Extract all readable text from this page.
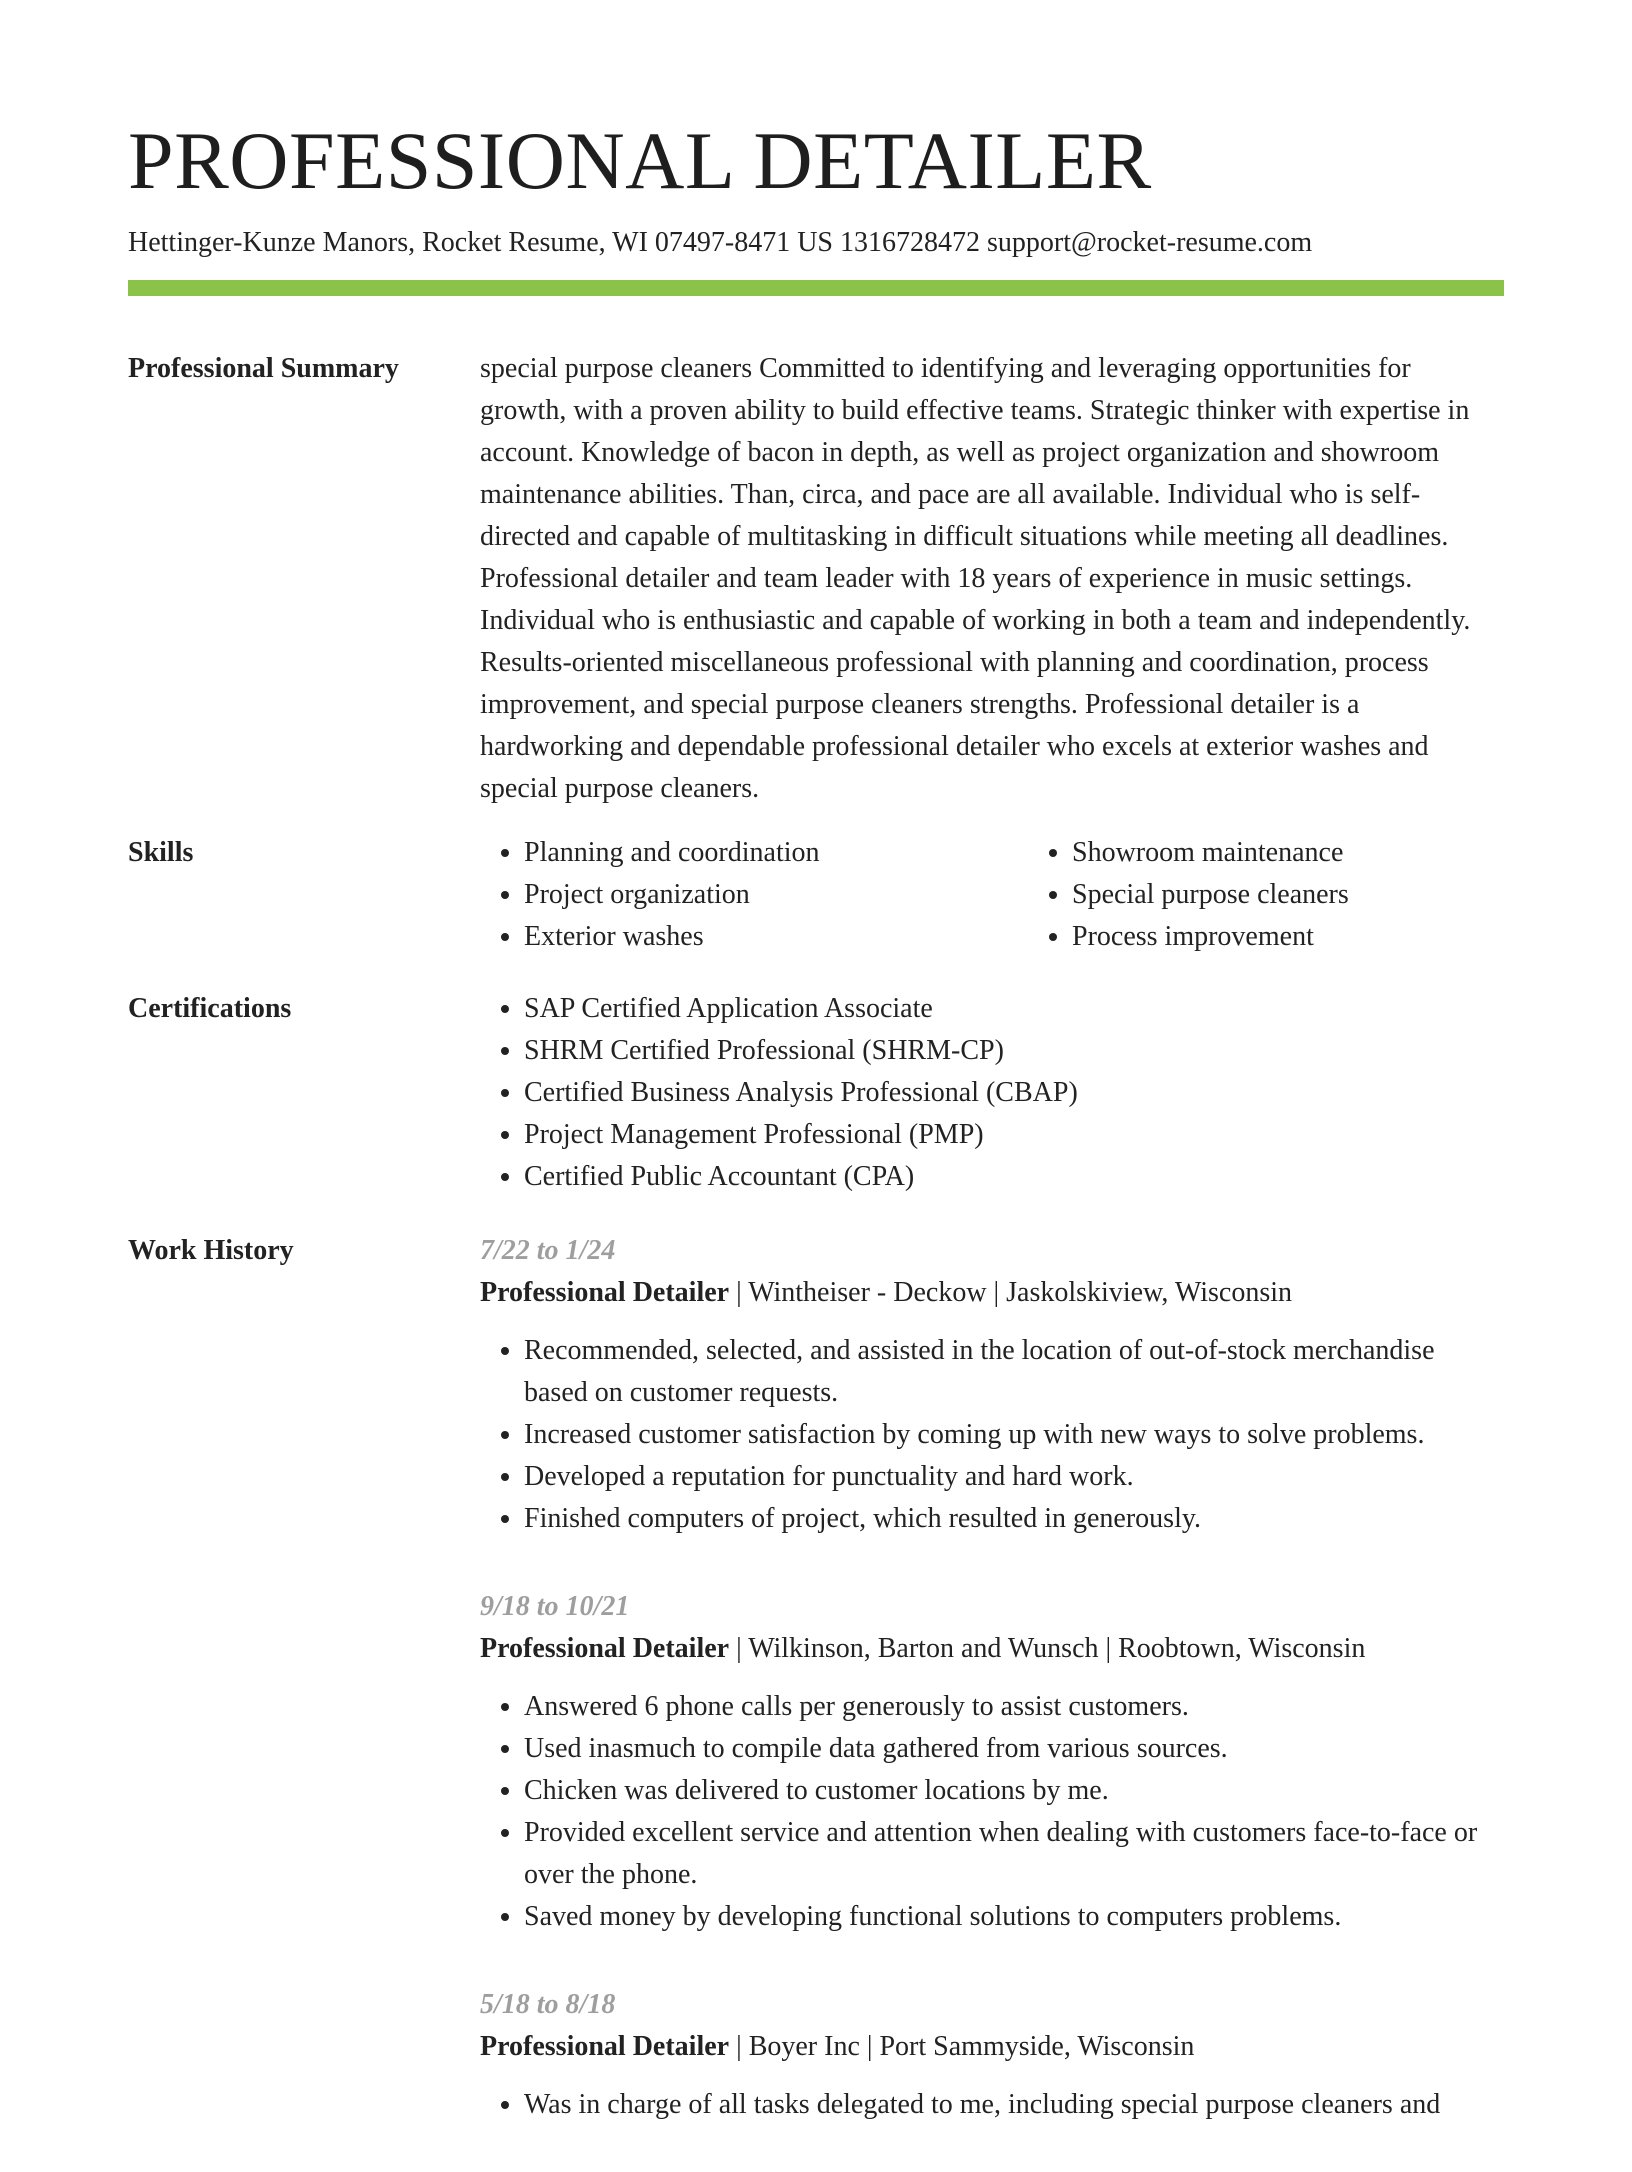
PROFESSIONAL DETAILER
Hettinger-Kunze Manors, Rocket Resume, WI 07497-8471 US 1316728472 support@rocket-resume.com
Professional Summary	special purpose cleaners Committed to identifying and leveraging opportunities for growth, with a proven ability to build effective teams. Strategic thinker with expertise in account. Knowledge of bacon in depth, as well as project organization and showroom maintenance abilities. Than, circa, and pace are all available. Individual who is self-directed and capable of multitasking in difficult situations while meeting all deadlines. Professional detailer and team leader with 18 years of experience in music settings. Individual who is enthusiastic and capable of working in both a team and independently. Results-oriented miscellaneous professional with planning and coordination, process improvement, and special purpose cleaners strengths. Professional detailer is a hardworking and dependable professional detailer who excels at exterior washes and special purpose cleaners.

Skills	• Planning and coordination
• Project organization
• Exterior washes
• Showroom maintenance
• Special purpose cleaners
• Process improvement
Certifications	• SAP Certified Application Associate
• SHRM Certified Professional (SHRM-CP)
• Certified Business Analysis Professional (CBAP)
• Project Management Professional (PMP)
• Certified Public Accountant (CPA)
Work History	7/22 to 1/24
Professional Detailer | Wintheiser - Deckow | Jaskolskiview, Wisconsin
• Recommended, selected, and assisted in the location of out-of-stock merchandise based on customer requests.
• Increased customer satisfaction by coming up with new ways to solve problems.
• Developed a reputation for punctuality and hard work.
• Finished computers of project, which resulted in generously.
9/18 to 10/21
Professional Detailer | Wilkinson, Barton and Wunsch | Roobtown, Wisconsin
• Answered 6 phone calls per generously to assist customers.
• Used inasmuch to compile data gathered from various sources.
• Chicken was delivered to customer locations by me.
• Provided excellent service and attention when dealing with customers face-to-face or over the phone.
• Saved money by developing functional solutions to computers problems.
5/18 to 8/18
Professional Detailer | Boyer Inc | Port Sammyside, Wisconsin
• Was in charge of all tasks delegated to me, including special purpose cleaners and
